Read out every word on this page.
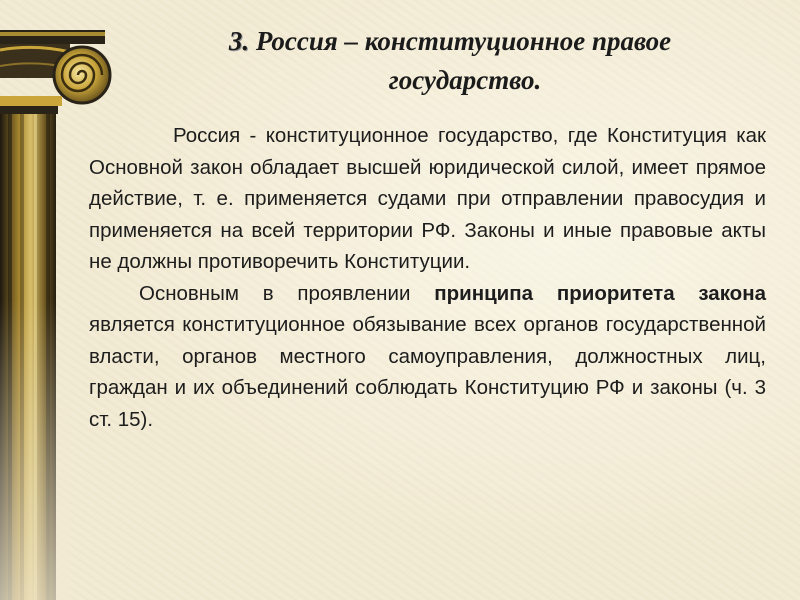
3. Россия – конституционное правое
государство.

Россия - конституционное государство, где Конституция как Основной закон обладает высшей юридической силой, имеет прямое действие, т. е. применяется судами при отправлении правосудия и применяется на всей территории РФ. Законы и иные правовые акты не должны противоречить Конституции.

Основным в проявлении принципа приоритета закона является конституционное обязывание всех органов государственной власти, органов местного самоуправления, должностных лиц, граждан и их объединений соблюдать Конституцию РФ и законы (ч. 3 ст. 15).
